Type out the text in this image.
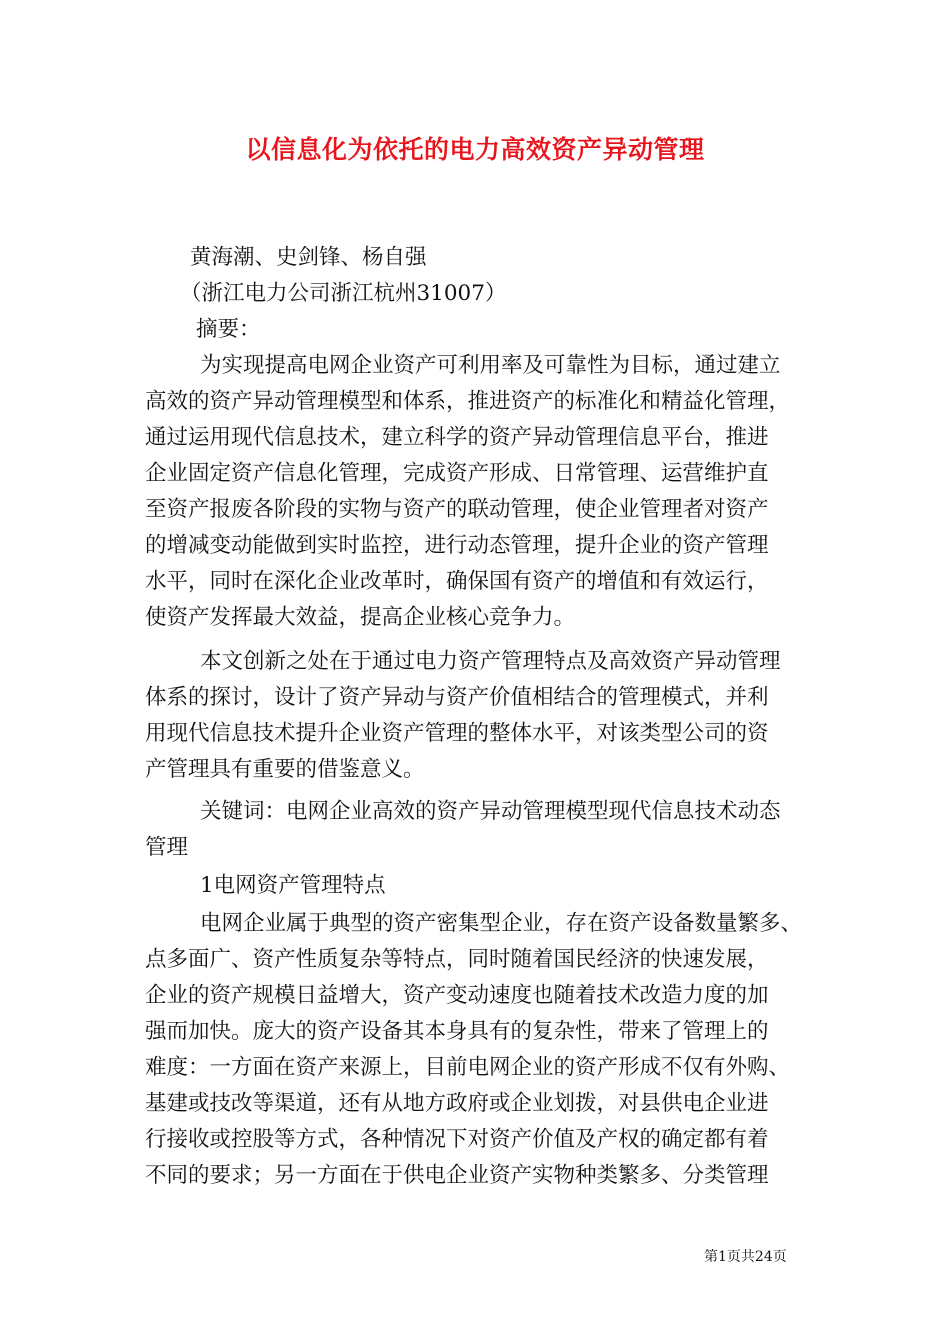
以信息化为依托的电力高效资产异动管理
黄海潮、史剑锋、杨自强
（浙江电力公司浙江杭州31007）
摘要：
为实现提高电网企业资产可利用率及可靠性为目标，通过建立
高效的资产异动管理模型和体系，推进资产的标准化和精益化管理，
通过运用现代信息技术，建立科学的资产异动管理信息平台，推进
企业固定资产信息化管理，完成资产形成、日常管理、运营维护直
至资产报废各阶段的实物与资产的联动管理，使企业管理者对资产
的增减变动能做到实时监控，进行动态管理，提升企业的资产管理
水平，同时在深化企业改革时，确保国有资产的增值和有效运行，
使资产发挥最大效益，提高企业核心竞争力。
本文创新之处在于通过电力资产管理特点及高效资产异动管理
体系的探讨，设计了资产异动与资产价值相结合的管理模式，并利
用现代信息技术提升企业资产管理的整体水平，对该类型公司的资
产管理具有重要的借鉴意义。
关键词：电网企业高效的资产异动管理模型现代信息技术动态
管理
1电网资产管理特点
电网企业属于典型的资产密集型企业，存在资产设备数量繁多、
点多面广、资产性质复杂等特点，同时随着国民经济的快速发展，
企业的资产规模日益增大，资产变动速度也随着技术改造力度的加
强而加快。庞大的资产设备其本身具有的复杂性，带来了管理上的
难度：一方面在资产来源上，目前电网企业的资产形成不仅有外购、
基建或技改等渠道，还有从地方政府或企业划拨，对县供电企业进
行接收或控股等方式，各种情况下对资产价值及产权的确定都有着
不同的要求；另一方面在于供电企业资产实物种类繁多、分类管理
第1页共24页
